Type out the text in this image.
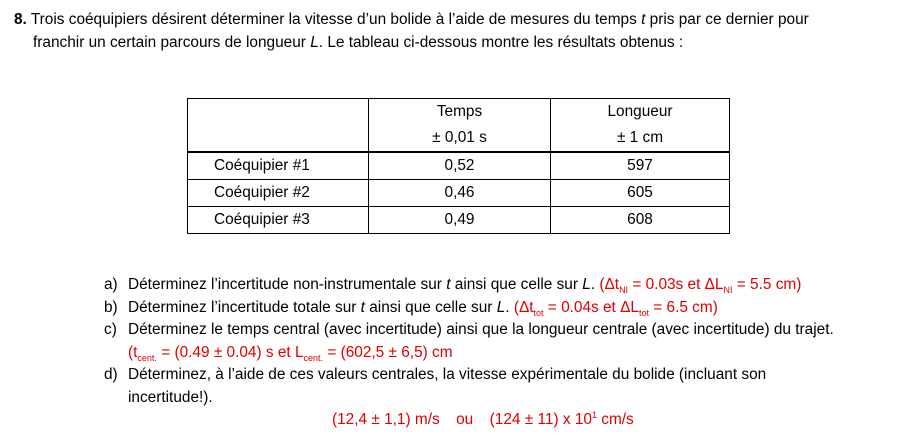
8. Trois coéquipiers désirent déterminer la vitesse d’un bolide à l’aide de mesures du temps t pris par ce dernier pour
franchir un certain parcours de longueur L. Le tableau ci-dessous montre les résultats obtenus :
	Temps	Longueur
	± 0,01 s	± 1 cm
Coéquipier #1	0,52	597
Coéquipier #2	0,46	605
Coéquipier #3	0,49	608
a) Déterminez l’incertitude non-instrumentale sur t ainsi que celle sur L. ($\Delta t_{NI} = 0.03s$ et $\Delta L_{NI} = 5.5$ cm)
b) Déterminez l’incertitude totale sur t ainsi que celle sur L. ($\Delta t_{tot} = 0.04s$ et $\Delta L_{tot} = 6.5$ cm)
c) Déterminez le temps central (avec incertitude) ainsi que la longueur centrale (avec incertitude) du trajet.
($t_{cent.} = (0.49 \pm 0.04)$ s et $L_{cent.} = (602,5 \pm 6,5)$ cm
d) Déterminez, à l’aide de ces valeurs centrales, la vitesse expérimentale du bolide (incluant son
incertitude!).
(12,4 ± 1,1) m/s ou (124 ± 11) x $10^1$ cm/s
